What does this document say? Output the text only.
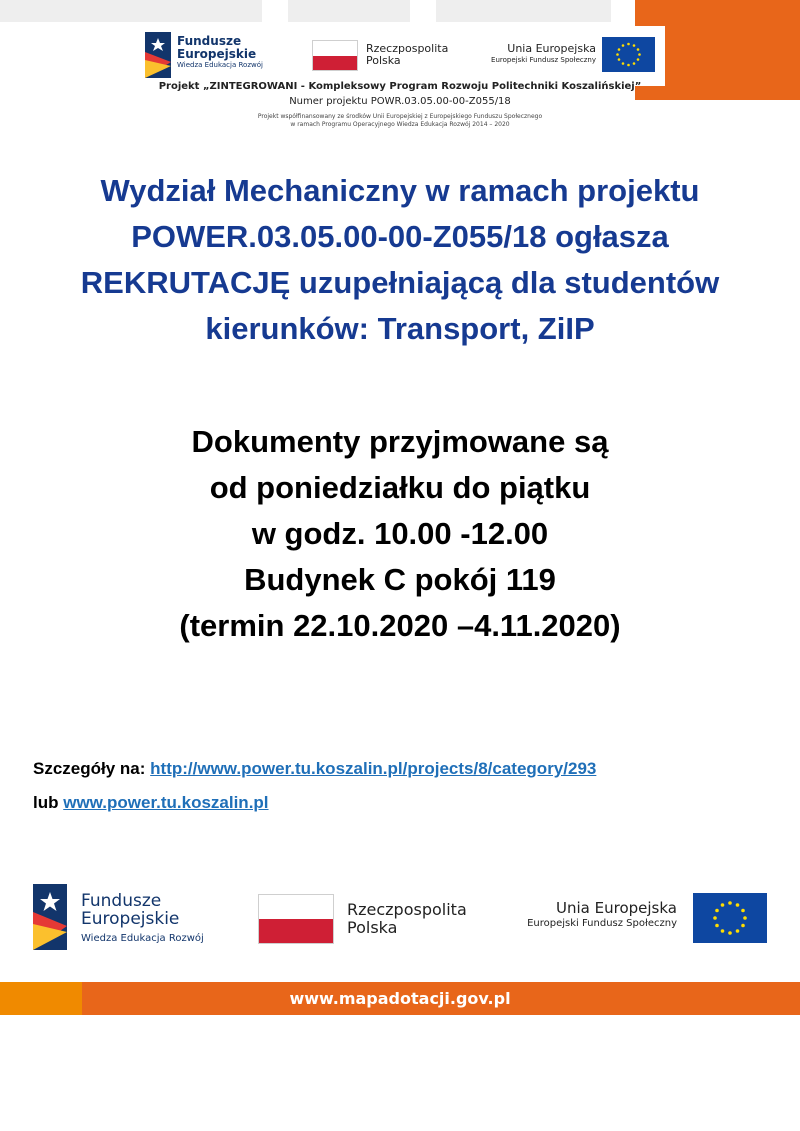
Fundusze
Europejskie
Wiedza Edukacja Rozwój
Rzeczpospolita
Polska
Unia Europejska
Europejski Fundusz Społeczny
Projekt „ZINTEGROWANI - Kompleksowy Program Rozwoju Politechniki Koszalińskiej”
Numer projektu POWR.03.05.00-00-Z055/18
Projekt współfinansowany ze środków Unii Europejskiej z Europejskiego Funduszu Społecznego
w ramach Programu Operacyjnego Wiedza Edukacja Rozwój 2014 – 2020
Wydział Mechaniczny w ramach projektu
POWER.03.05.00-00-Z055/18 ogłasza
REKRUTACJĘ uzupełniającą dla studentów
kierunków: Transport, ZiIP
Dokumenty przyjmowane są
od poniedziałku do piątku
w godz. 10.00 -12.00
Budynek C pokój 119
(termin 22.10.2020 –4.11.2020)
Szczegóły na: http://www.power.tu.koszalin.pl/projects/8/category/293
lub www.power.tu.koszalin.pl
Fundusze
Europejskie
Wiedza Edukacja Rozwój
Rzeczpospolita
Polska
Unia Europejska
Europejski Fundusz Społeczny
www.mapadotacji.gov.pl
